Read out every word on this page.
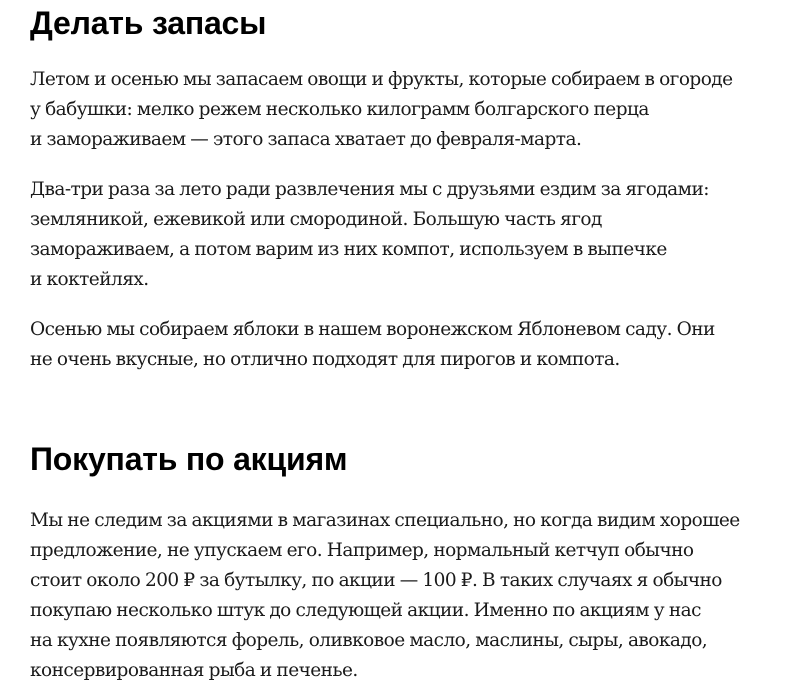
Делать запасы

Летом и осенью мы запасаем овощи и фрукты, которые собираем в огороде
у бабушки: мелко режем несколько килограмм болгарского перца
и замораживаем — этого запаса хватает до февраля-марта.

Два-три раза за лето ради развлечения мы с друзьями ездим за ягодами:
земляникой, ежевикой или смородиной. Большую часть ягод
замораживаем, а потом варим из них компот, используем в выпечке
и коктейлях.

Осенью мы собираем яблоки в нашем воронежском Яблоневом саду. Они
не очень вкусные, но отлично подходят для пирогов и компота.

Покупать по акциям

Мы не следим за акциями в магазинах специально, но когда видим хорошее
предложение, не упускаем его. Например, нормальный кетчуп обычно
стоит около 200 ₽ за бутылку, по акции — 100 ₽. В таких случаях я обычно
покупаю несколько штук до следующей акции. Именно по акциям у нас
на кухне появляются форель, оливковое масло, маслины, сыры, авокадо,
консервированная рыба и печенье.
